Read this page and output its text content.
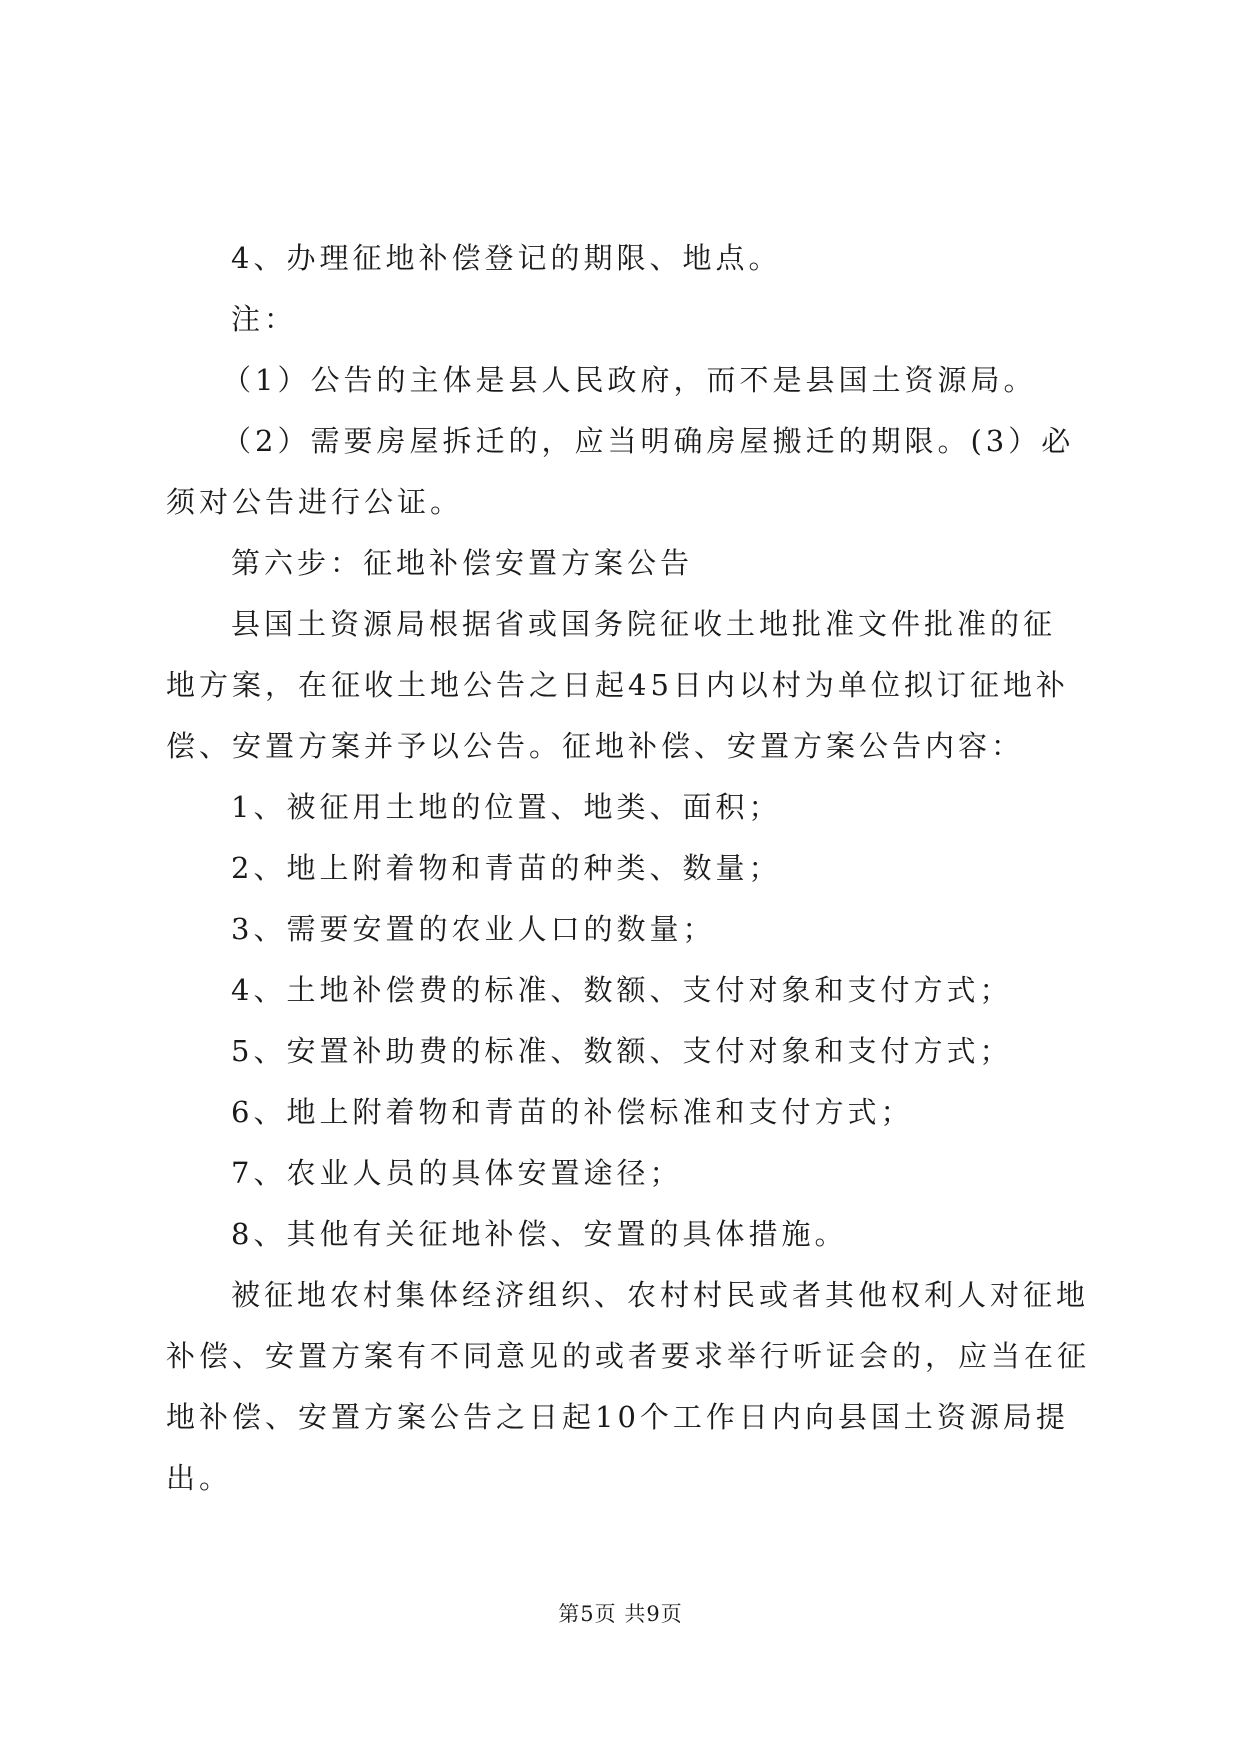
4、办理征地补偿登记的期限、地点。
注：
（1）公告的主体是县人民政府，而不是县国土资源局。
（2）需要房屋拆迁的，应当明确房屋搬迁的期限。(3）必
须对公告进行公证。
第六步：征地补偿安置方案公告
县国土资源局根据省或国务院征收土地批准文件批准的征
地方案，在征收土地公告之日起45日内以村为单位拟订征地补
偿、安置方案并予以公告。征地补偿、安置方案公告内容：
1、被征用土地的位置、地类、面积；
2、地上附着物和青苗的种类、数量；
3、需要安置的农业人口的数量；
4、土地补偿费的标准、数额、支付对象和支付方式；
5、安置补助费的标准、数额、支付对象和支付方式；
6、地上附着物和青苗的补偿标准和支付方式；
7、农业人员的具体安置途径；
8、其他有关征地补偿、安置的具体措施。
被征地农村集体经济组织、农村村民或者其他权利人对征地
补偿、安置方案有不同意见的或者要求举行听证会的，应当在征
地补偿、安置方案公告之日起10个工作日内向县国土资源局提
出。
第5页 共9页
